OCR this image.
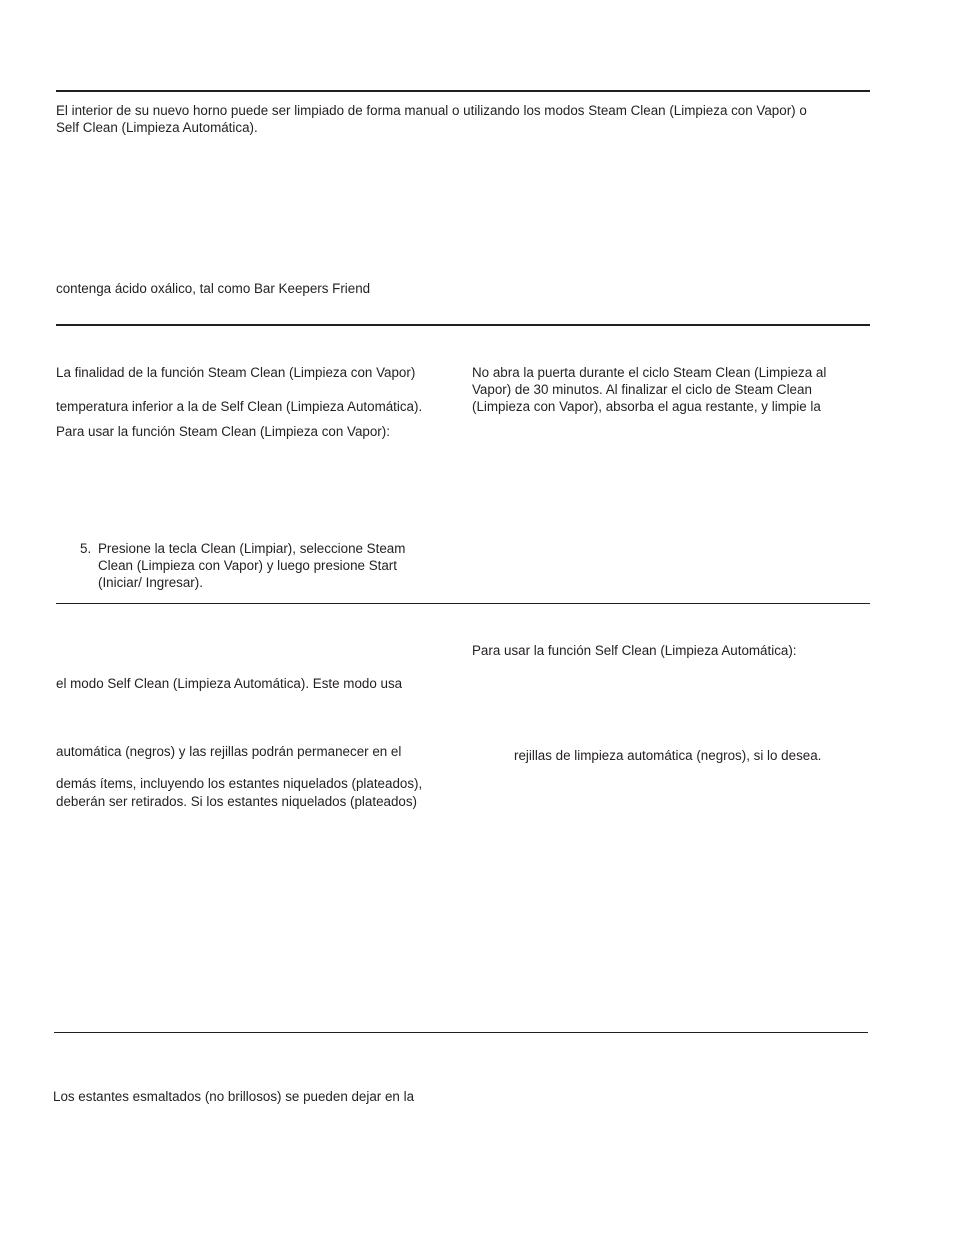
El interior de su nuevo horno puede ser limpiado de forma manual o utilizando los modos Steam Clean (Limpieza con Vapor) o
Self Clean (Limpieza Automática).
contenga ácido oxálico, tal como Bar Keepers Friend
La finalidad de la función Steam Clean (Limpieza con Vapor)
temperatura inferior a la de Self Clean (Limpieza Automática).
Para usar la función Steam Clean (Limpieza con Vapor):
5. Presione la tecla Clean (Limpiar), seleccione Steam
Clean (Limpieza con Vapor) y luego presione Start
(Iniciar/ Ingresar).
No abra la puerta durante el ciclo Steam Clean (Limpieza al
Vapor) de 30 minutos. Al finalizar el ciclo de Steam Clean
(Limpieza con Vapor), absorba el agua restante, y limpie la
el modo Self Clean (Limpieza Automática). Este modo usa
automática (negros) y las rejillas podrán permanecer en el
demás ítems, incluyendo los estantes niquelados (plateados),
deberán ser retirados. Si los estantes niquelados (plateados)
Para usar la función Self Clean (Limpieza Automática):
rejillas de limpieza automática (negros), si lo desea.
Los estantes esmaltados (no brillosos) se pueden dejar en la
